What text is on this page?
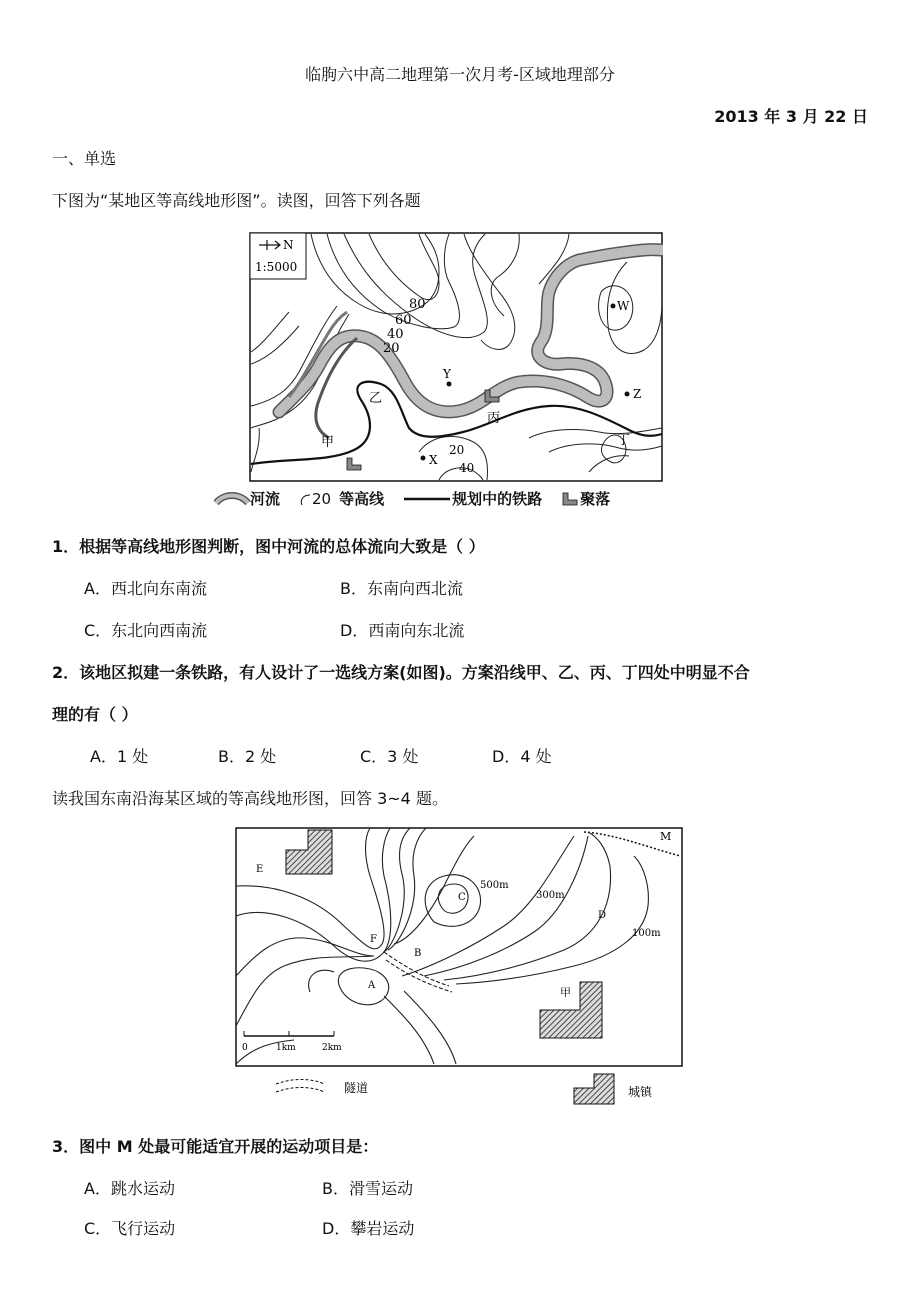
临朐六中高二地理第一次月考-区域地理部分
2013 年 3 月 22 日
一、单选
下图为“某地区等高线地形图”。读图，回答下列各题
N
1:5000
80
60
40
20
20
40
W
Y
Z
X
乙
甲
丙
丁
河流 20 等高线	规划中的铁路	聚落
1．根据等高线地形图判断，图中河流的总体流向大致是（ ）
A．西北向东南流	B．东南向西北流
C．东北向西南流	D．西南向东北流
2．该地区拟建一条铁路，有人设计了一选线方案(如图)。方案沿线甲、乙、丙、丁四处中明显不合
理的有（ ）
A．1 处	B．2 处	C．3 处	D．4 处
读我国东南沿海某区域的等高线地形图，回答 3~4 题。
M
E
C
500m
300m
D
100m
F
B
A
甲
0	1km	2km
隧道	城镇
3．图中 M 处最可能适宜开展的运动项目是：
A．跳水运动	B．滑雪运动
C．飞行运动	D．攀岩运动
